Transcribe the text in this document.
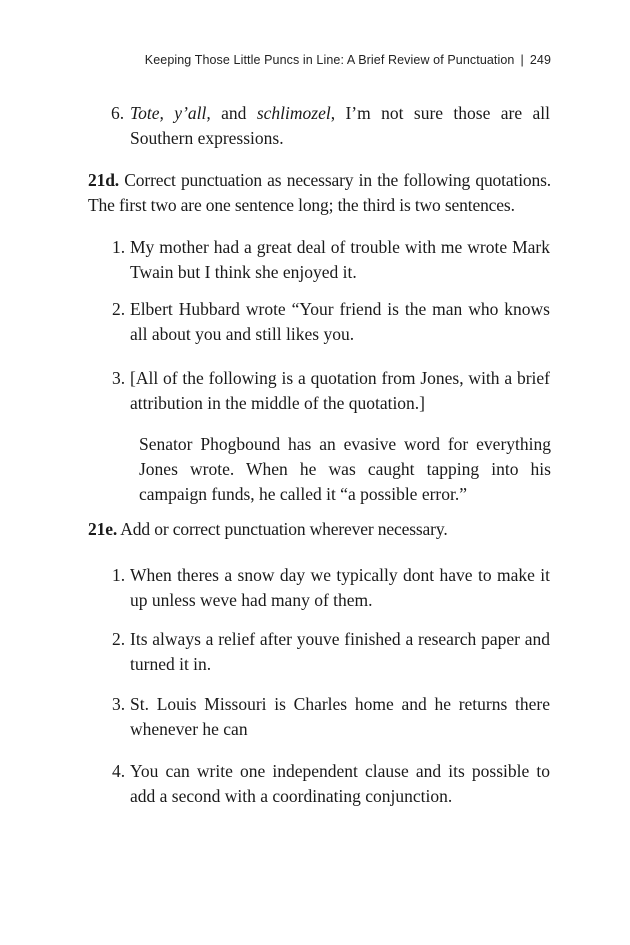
Keeping Those Little Puncs in Line: A Brief Review of Punctuation | 249
6. Tote, y’all, and schlimozel, I’m not sure those are all Southern expressions.
21d. Correct punctuation as necessary in the following quotations. The first two are one sentence long; the third is two sentences.
1. My mother had a great deal of trouble with me wrote Mark Twain but I think she enjoyed it.
2. Elbert Hubbard wrote “Your friend is the man who knows all about you and still likes you.
3. [All of the following is a quotation from Jones, with a brief attribution in the middle of the quotation.]
Senator Phogbound has an evasive word for everything Jones wrote. When he was caught tapping into his campaign funds, he called it “a possible error.”
21e. Add or correct punctuation wherever necessary.
1. When theres a snow day we typically dont have to make it up unless weve had many of them.
2. Its always a relief after youve finished a research paper and turned it in.
3. St. Louis Missouri is Charles home and he returns there whenever he can
4. You can write one independent clause and its possible to add a second with a coordinating conjunction.
